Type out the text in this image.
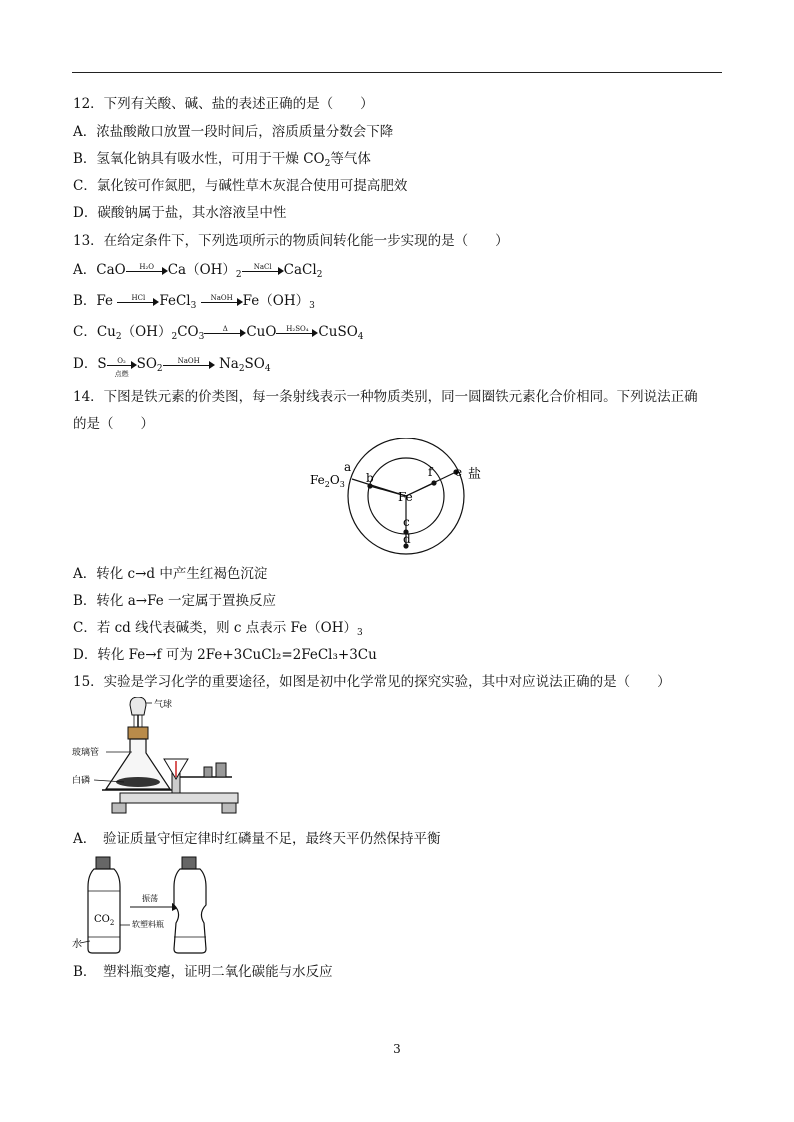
12．下列有关酸、碱、盐的表述正确的是（　　）
A．浓盐酸敞口放置一段时间后，溶质质量分数会下降
B．氢氧化钠具有吸水性，可用于干燥 $CO_2$等气体
C．氯化铵可作氮肥，与碱性草木灰混合使用可提高肥效
D．碳酸钠属于盐，其水溶液呈中性
13．在给定条件下，下列选项所示的物质间转化能一步实现的是（　　）
A．CaO	H₂O	$Ca(OH)_2$
NaCl CaCl$_2$
B．Fe	HCl	FeCl$_3$
NaOH $Fe(OH)_3$
C．$Cu_2(OH)_2CO_3$
Δ	CuO	H₂SO₄ CuSO$_4$
D．S	O₂
点燃
$SO_2$
NaOH	$Na_2SO_4$
14．下图是铁元素的价类图，每一条射线表示一种物质类别，同一圆圈铁元素化合价相同。下列说法正确
的是（　　）
$Fe_2O_3$
a
b
c
d
e
f
Fe
盐
A．转化 c→d 中产生红褐色沉淀
B．转化 a→Fe 一定属于置换反应
C．若 cd 线代表碱类，则 c 点表示 $Fe(OH)_3$
D．转化 Fe→f 可为 2Fe+3CuCl₂=2FeCl₃+3Cu
15．实验是学习化学的重要途径，如图是初中化学常见的探究实验，其中对应说法正确的是（　　）
气球
玻璃管
白磷
A．　验证质量守恒定律时红磷量不足，最终天平仍然保持平衡
$CO_2$
水
振荡
软塑料瓶
B．　塑料瓶变瘪，证明二氧化碳能与水反应
3
